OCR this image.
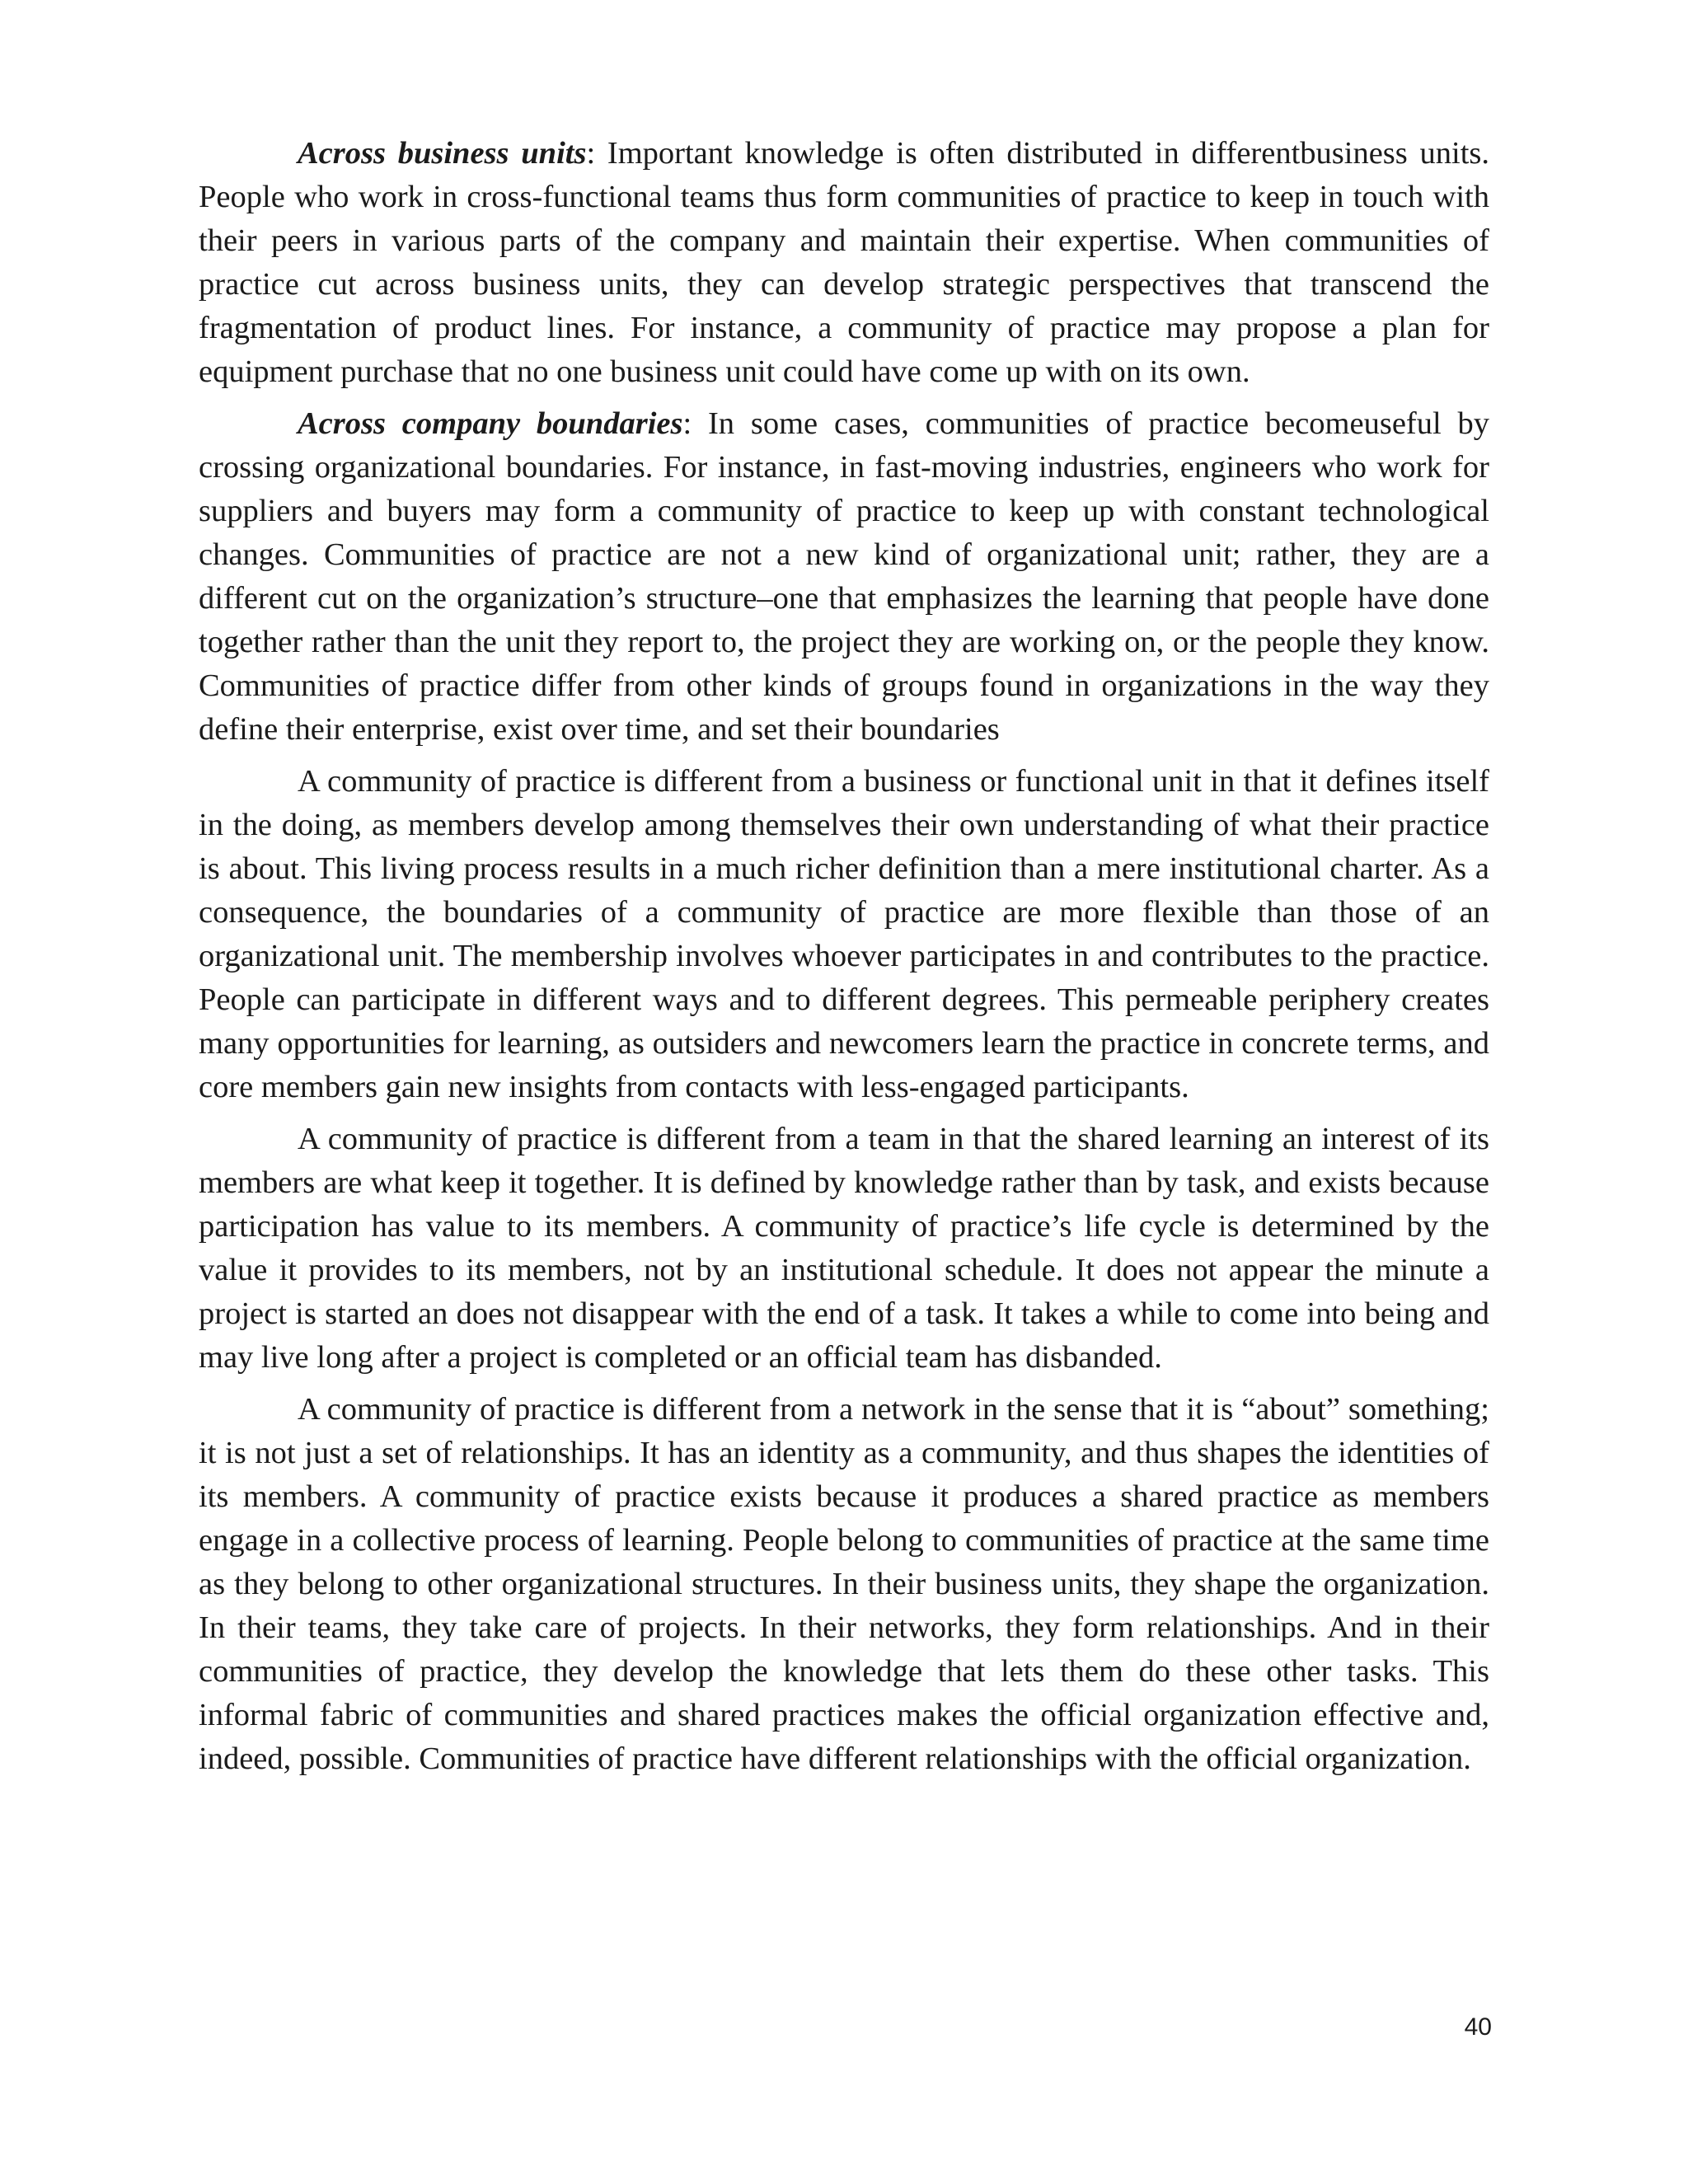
Across business units: Important knowledge is often distributed in differentbusiness units. People who work in cross-functional teams thus form communities of practice to keep in touch with their peers in various parts of the company and maintain their expertise. When communities of practice cut across business units, they can develop strategic perspectives that transcend the fragmentation of product lines. For instance, a community of practice may propose a plan for equipment purchase that no one business unit could have come up with on its own.

Across company boundaries: In some cases, communities of practice becomeuseful by crossing organizational boundaries. For instance, in fast-moving industries, engineers who work for suppliers and buyers may form a community of practice to keep up with constant technological changes. Communities of practice are not a new kind of organizational unit; rather, they are a different cut on the organization’s structure–one that emphasizes the learning that people have done together rather than the unit they report to, the project they are working on, or the people they know. Communities of practice differ from other kinds of groups found in organizations in the way they define their enterprise, exist over time, and set their boundaries

A community of practice is different from a business or functional unit in that it defines itself in the doing, as members develop among themselves their own understanding of what their practice is about. This living process results in a much richer definition than a mere institutional charter. As a consequence, the boundaries of a community of practice are more flexible than those of an organizational unit. The membership involves whoever participates in and contributes to the practice. People can participate in different ways and to different degrees. This permeable periphery creates many opportunities for learning, as outsiders and newcomers learn the practice in concrete terms, and core members gain new insights from contacts with less-engaged participants.

A community of practice is different from a team in that the shared learning an interest of its members are what keep it together. It is defined by knowledge rather than by task, and exists because participation has value to its members. A community of practice’s life cycle is determined by the value it provides to its members, not by an institutional schedule. It does not appear the minute a project is started an does not disappear with the end of a task. It takes a while to come into being and may live long after a project is completed or an official team has disbanded.

A community of practice is different from a network in the sense that it is “about” something; it is not just a set of relationships. It has an identity as a community, and thus shapes the identities of its members. A community of practice exists because it produces a shared practice as members engage in a collective process of learning. People belong to communities of practice at the same time as they belong to other organizational structures. In their business units, they shape the organization. In their teams, they take care of projects. In their networks, they form relationships. And in their communities of practice, they develop the knowledge that lets them do these other tasks. This informal fabric of communities and shared practices makes the official organization effective and, indeed, possible. Communities of practice have different relationships with the official organization.

40
